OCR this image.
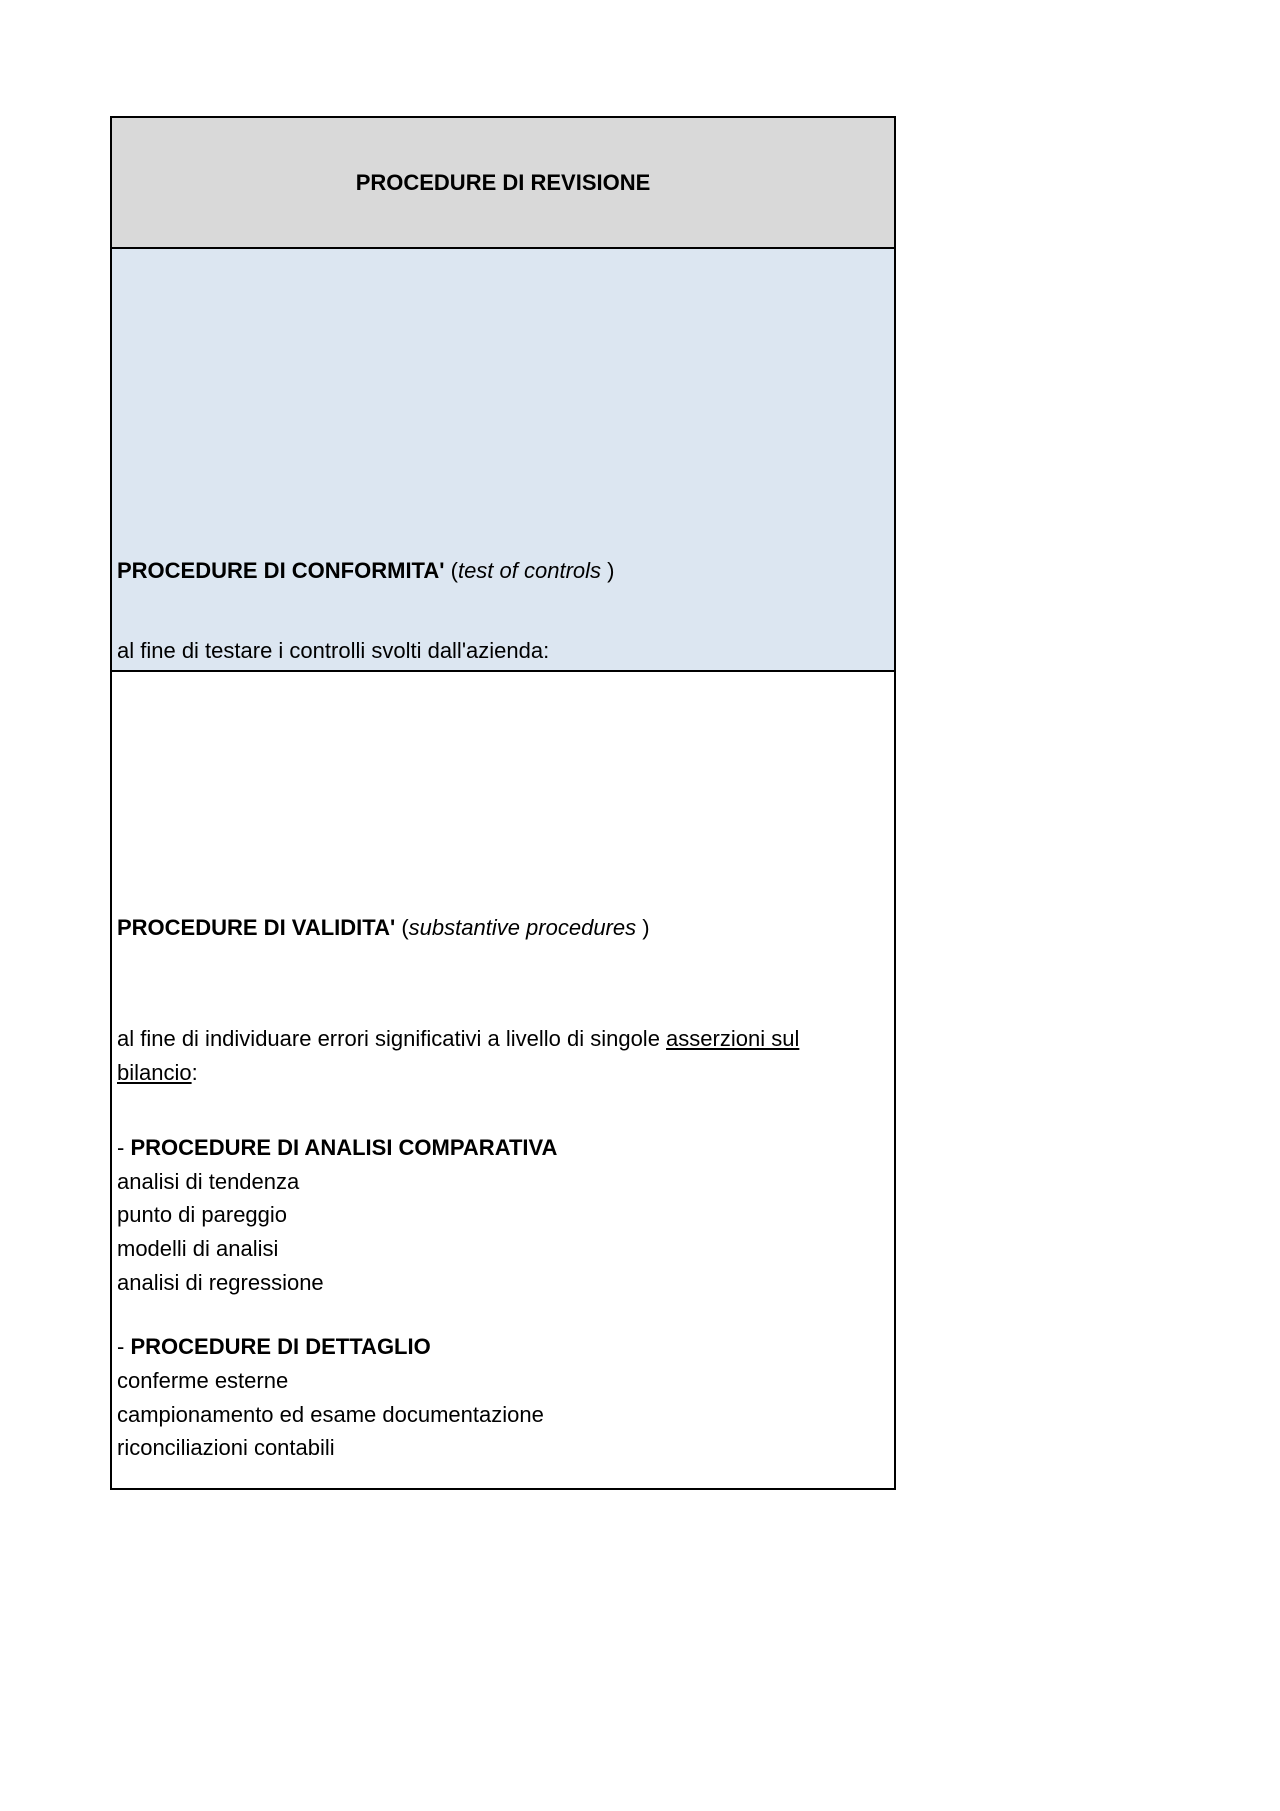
PROCEDURE DI REVISIONE
PROCEDURE DI CONFORMITA' (test of controls )
al fine di testare i controlli svolti dall'azienda:
PROCEDURE DI VALIDITA' (substantive procedures )
al fine di individuare errori significativi a livello di singole asserzioni sul
bilancio:
- PROCEDURE DI ANALISI COMPARATIVA
analisi di tendenza
punto di pareggio
modelli di analisi
analisi di regressione
- PROCEDURE DI DETTAGLIO
conferme esterne
campionamento ed esame documentazione
riconciliazioni contabili
